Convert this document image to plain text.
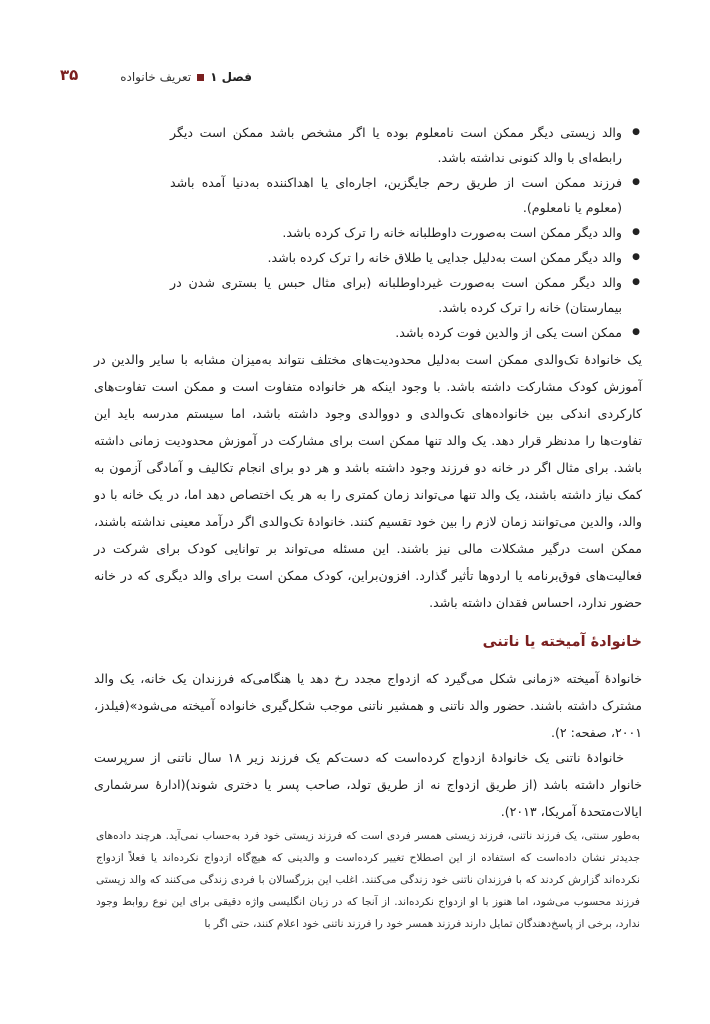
فصل ۱
تعریف خانواده
۳۵
● والد زیستی دیگر ممکن است نامعلوم بوده یا اگر مشخص باشد ممکن است دیگر رابطه‌ای با والد کنونی نداشته باشد.
● فرزند ممکن است از طریق رحم جایگزین، اجاره‌ای یا اهداکننده به‌دنیا آمده باشد (معلوم یا نامعلوم).
● والد دیگر ممکن است به‌صورت داوطلبانه خانه را ترک کرده باشد.
● والد دیگر ممکن است به‌دلیل جدایی یا طلاق خانه را ترک کرده باشد.
● والد دیگر ممکن است به‌صورت غیرداوطلبانه (برای مثال حبس یا بستری شدن در بیمارستان) خانه را ترک کرده باشد.
● ممکن است یکی از والدین فوت کرده باشد.

یک خانوادهٔ تک‌والدی ممکن است به‌دلیل محدودیت‌های مختلف نتواند به‌میزان مشابه با سایر والدین در آموزش کودک مشارکت داشته باشد. با وجود اینکه هر خانواده متفاوت است و ممکن است تفاوت‌های کارکردی اندکی بین خانواده‌های تک‌والدی و دووالدی وجود داشته باشد، اما سیستم مدرسه باید این تفاوت‌ها را مدنظر قرار دهد. یک والد تنها ممکن است برای مشارکت در آموزش محدودیت زمانی داشته باشد. برای مثال اگر در خانه دو فرزند وجود داشته باشد و هر دو برای انجام تکالیف و آمادگی آزمون به کمک نیاز داشته باشند، یک والد تنها می‌تواند زمان کمتری را به هر یک اختصاص دهد اما، در یک خانه با دو والد، والدین می‌توانند زمان لازم را بین خود تقسیم کنند. خانوادهٔ تک‌والدی اگر درآمد معینی نداشته باشند، ممکن است درگیر مشکلات مالی نیز باشند. این مسئله می‌تواند بر توانایی کودک برای شرکت در فعالیت‌های فوق‌برنامه یا اردوها تأثیر گذارد. افزون‌براین، کودک ممکن است برای والد دیگری که در خانه حضور ندارد، احساس فقدان داشته باشد.

خانوادهٔ آمیخته یا ناتنی

خانوادهٔ آمیخته «زمانی شکل می‌گیرد که ازدواج مجدد رخ دهد یا هنگامی‌که فرزندان یک خانه، یک والد مشترک داشته باشند. حضور والد ناتنی و همشیر ناتنی موجب شکل‌گیری خانواده آمیخته می‌شود»(فیلدز، ۲۰۰۱، صفحه: ۲).

خانوادهٔ ناتنی یک خانوادهٔ ازدواج کرده‌است که دست‌کم یک فرزند زیر ۱۸ سال ناتنی از سرپرست خانوار داشته باشد (از طریق ازدواج نه از طریق تولد، صاحب پسر یا دختری شوند)(ادارهٔ سرشماری ایالات‌متحدهٔ آمریکا، ۲۰۱۳).

به‌طور سنتی، یک فرزند ناتنی، فرزند زیستی همسر فردی است که فرزند زیستی خود فرد به‌حساب نمی‌آید. هرچند داده‌های جدیدتر نشان داده‌است که استفاده از این اصطلاح تغییر کرده‌است و والدینی که هیچ‌گاه ازدواج نکرده‌اند یا فعلاً ازدواج نکرده‌اند گزارش کردند که با فرزندان ناتنی خود زندگی می‌کنند. اغلب این بزرگسالان با فردی زندگی می‌کنند که والد زیستی فرزند محسوب می‌شود، اما هنوز با او ازدواج نکرده‌اند. از آنجا که در زبان انگلیسی واژه دقیقی برای این نوع روابط وجود ندارد، برخی از پاسخ‌دهندگان تمایل دارند فرزند همسر خود را فرزند ناتنی خود اعلام کنند، حتی اگر با
